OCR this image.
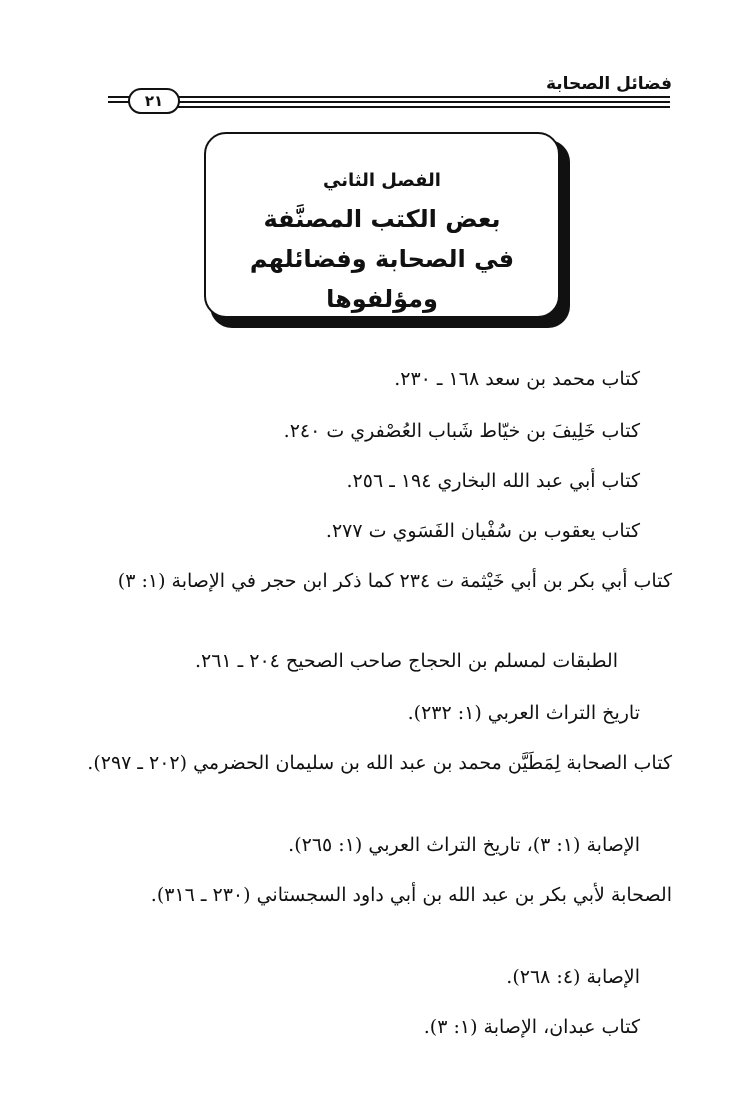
فضائل الصحابة
٢١
الفصل الثاني
بعض الكتب المصنَّفة
في الصحابة وفضائلهم ومؤلفوها
كتاب محمد بن سعد ١٦٨ ـ ٢٣٠.
كتاب خَلِيفَ بن خيّاط شَباب العُصْفري ت ٢٤٠.
كتاب أبي عبد الله البخاري ١٩٤ ـ ٢٥٦.
كتاب يعقوب بن سُفْيان الفَسَوي ت ٢٧٧.
كتاب أبي بكر بن أبي خَيْثمة ت ٢٣٤ كما ذكر ابن حجر في الإصابة (١: ٣)
الطبقات لمسلم بن الحجاج صاحب الصحيح ٢٠٤ ـ ٢٦١.
تاريخ التراث العربي (١: ٢٣٢).
كتاب الصحابة لِمَطَيَّن محمد بن عبد الله بن سليمان الحضرمي (٢٠٢ ـ ٢٩٧).
الإصابة (١: ٣)، تاريخ التراث العربي (١: ٢٦٥).
الصحابة لأبي بكر بن عبد الله بن أبي داود السجستاني (٢٣٠ ـ ٣١٦).
الإصابة (٤: ٢٦٨).
كتاب عبدان، الإصابة (١: ٣).
